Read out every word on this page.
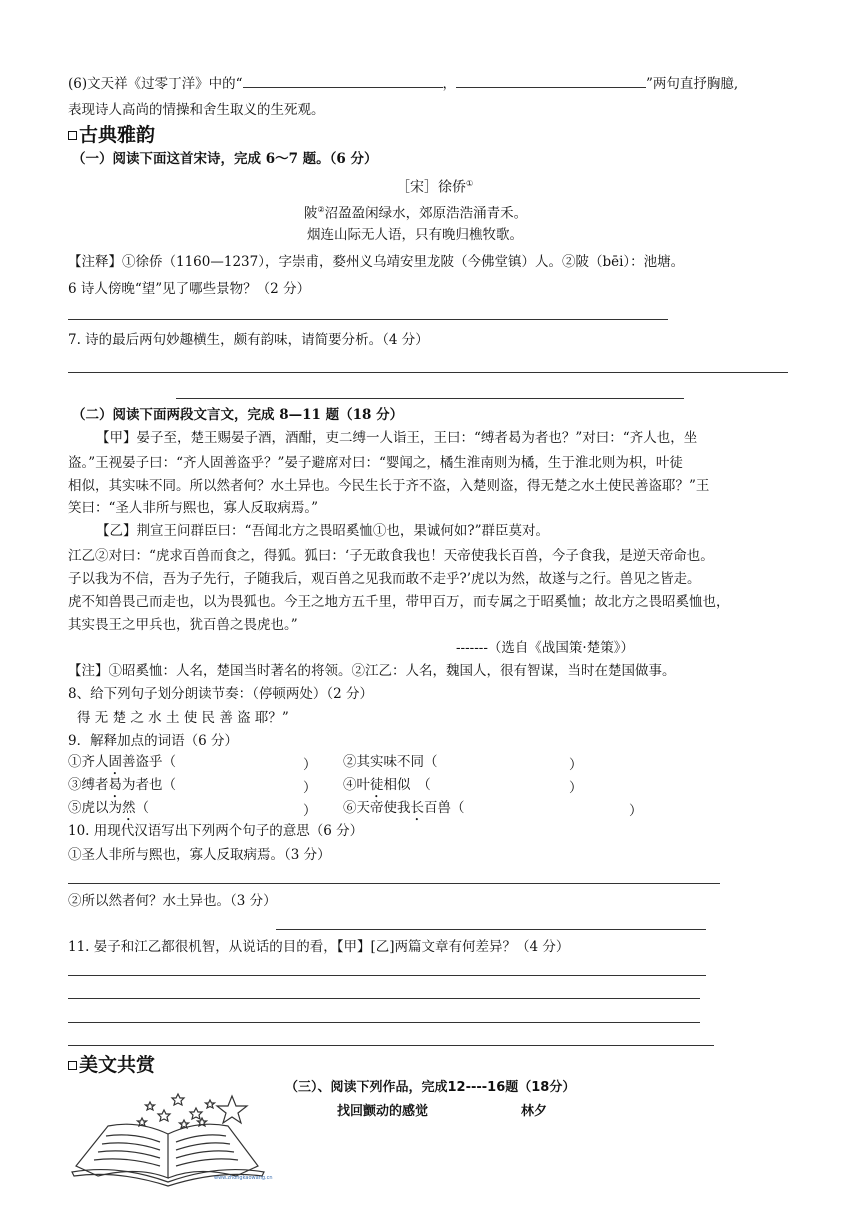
(6)文天祥《过零丁洋》中的“	，	”两句直抒胸臆,
表现诗人高尚的情操和舍生取义的生死观。
古典雅韵
（一）阅读下面这首宋诗，完成 6～7 题。（6 分）
［宋］徐侨①
陂②沼盈盈闲绿水，郊原浩浩涌青禾。
烟连山际无人语，只有晚归樵牧歌。
【注释】①徐侨（1160—1237），字崇甫，婺州义乌靖安里龙陂（今佛堂镇）人。②陂（bēi）：池塘。
6 诗人傍晚“望”见了哪些景物？（2 分）
7. 诗的最后两句妙趣横生，颇有韵味，请简要分析。（4 分）
（二）阅读下面两段文言文，完成 8—11 题（18 分）
【甲】晏子至，楚王赐晏子酒，酒酣，吏二缚一人诣王，王曰：“缚者曷为者也？”对曰：“齐人也，坐
盗。”王视晏子曰：“齐人固善盗乎？”晏子避席对曰：“婴闻之，橘生淮南则为橘，生于淮北则为枳，叶徒
相似，其实味不同。所以然者何？水土异也。今民生长于齐不盗，入楚则盗，得无楚之水土使民善盗耶？”王
笑曰：“圣人非所与熙也，寡人反取病焉。”
【乙】荆宣王问群臣曰：“吾闻北方之畏昭奚恤①也，果诚何如?”群臣莫对。
江乙②对曰：“虎求百兽而食之，得狐。狐曰：‘子无敢食我也！天帝使我长百兽，今子食我，是逆天帝命也。
子以我为不信，吾为子先行，子随我后，观百兽之见我而敢不走乎?’虎以为然，故遂与之行。兽见之皆走。
虎不知兽畏己而走也，以为畏狐也。今王之地方五千里，带甲百万，而专属之于昭奚恤；故北方之畏昭奚恤也，
其实畏王之甲兵也，犹百兽之畏虎也。”
-------（选自《战国策·楚策》）
【注】①昭奚恤：人名，楚国当时著名的将领。②江乙：人名，魏国人，很有智谋，当时在楚国做事。
8、给下列句子划分朗读节奏：（停顿两处）（2 分）
得 无 楚 之 水 土 使 民 善 盗 耶？”
9．解释加点的词语（6 分）
①齐人固善盗乎（	） ②其实味不同（	）
③缚者曷为者也（	） ④叶徒相似　（	）
⑤虎以为然（	） ⑥天帝使我长百兽（	）
10. 用现代汉语写出下列两个句子的意思（6 分）
①圣人非所与熙也，寡人反取病焉。（3 分）
②所以然者何？水土异也。（3 分）
11. 晏子和江乙都很机智，从说话的目的看，【甲】[乙]两篇文章有何差异？（4 分）
美文共赏
（三）、阅读下列作品，完成12----16题（18分）
找回颤动的感觉	林夕
www.zhongkaowang.cn
